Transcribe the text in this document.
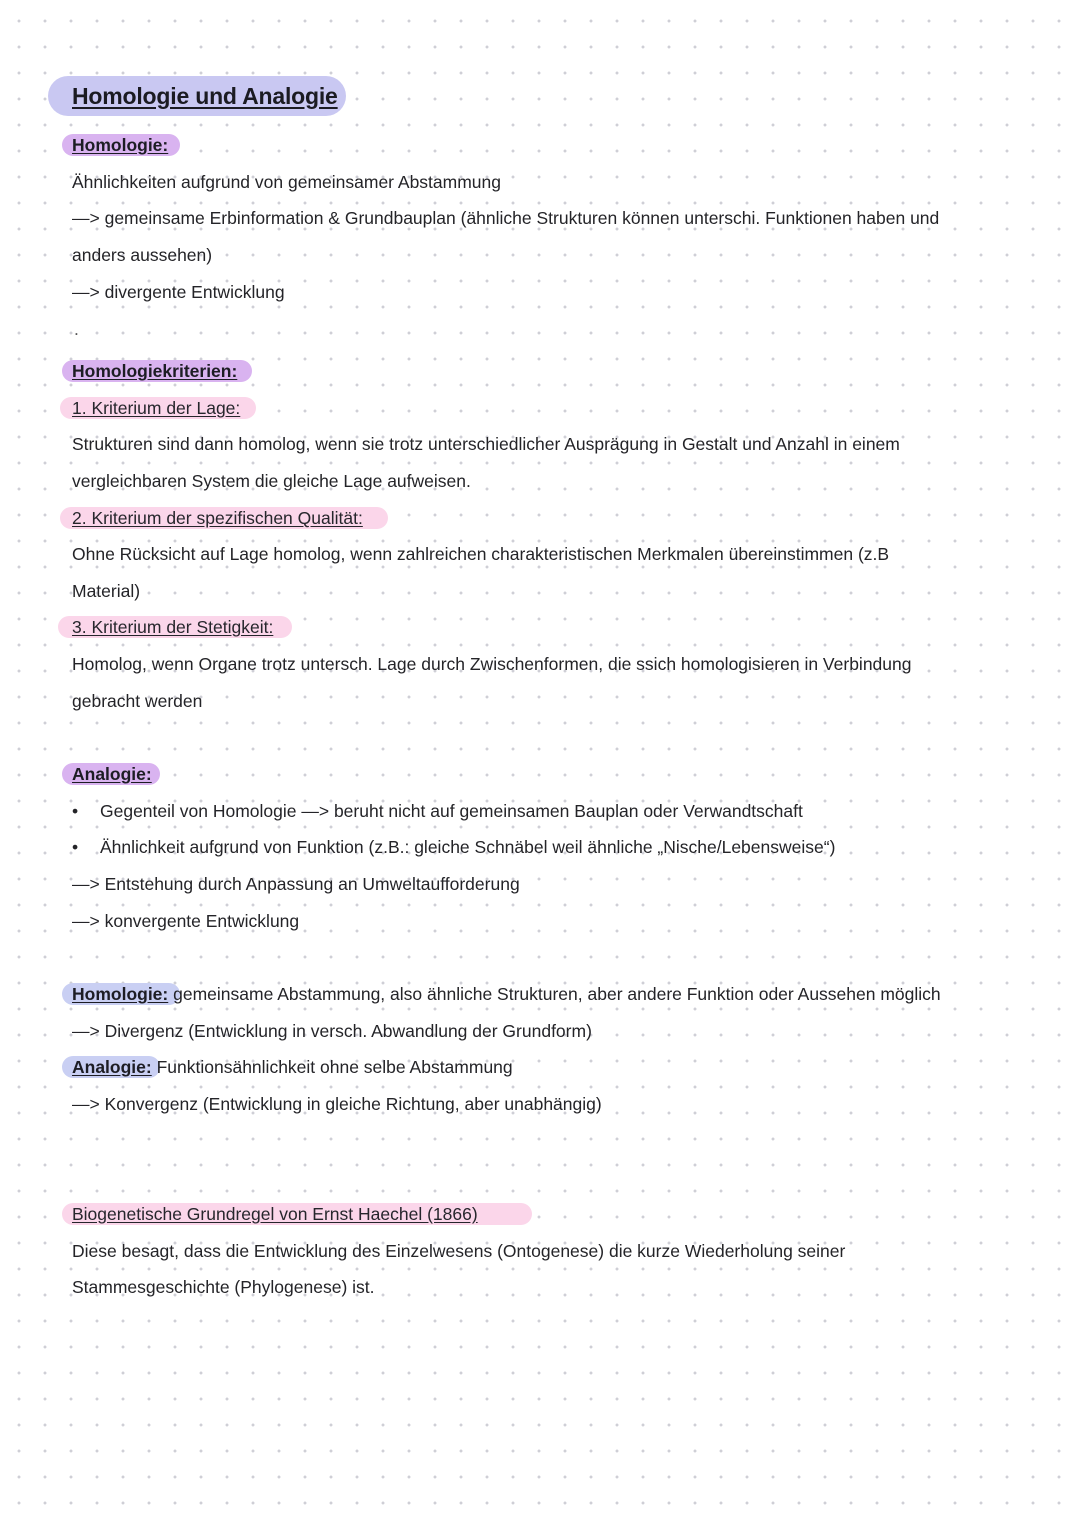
Homologie und Analogie
Homologie:
Ähnlichkeiten aufgrund von gemeinsamer Abstammung
—> gemeinsame Erbinformation & Grundbauplan (ähnliche Strukturen können unterschi. Funktionen haben und
anders aussehen)
—> divergente Entwicklung
.
Homologiekriterien:
1. Kriterium der Lage:
Strukturen sind dann homolog, wenn sie trotz unterschiedlicher Ausprägung in Gestalt und Anzahl in einem
vergleichbaren System die gleiche Lage aufweisen.
2. Kriterium der spezifischen Qualität:
Ohne Rücksicht auf Lage homolog, wenn zahlreichen charakteristischen Merkmalen übereinstimmen (z.B
Material)
3. Kriterium der Stetigkeit:
Homolog, wenn Organe trotz untersch. Lage durch Zwischenformen, die ssich homologisieren in Verbindung
gebracht werden
Analogie:
• Gegenteil von Homologie —> beruht nicht auf gemeinsamen Bauplan oder Verwandtschaft
• Ähnlichkeit aufgrund von Funktion (z.B.: gleiche Schnäbel weil ähnliche „Nische/Lebensweise“)
—> Entstehung durch Anpassung an Umweltaufforderung
—> konvergente Entwicklung
Homologie: gemeinsame Abstammung, also ähnliche Strukturen, aber andere Funktion oder Aussehen möglich
—> Divergenz (Entwicklung in versch. Abwandlung der Grundform)
Analogie: Funktionsähnlichkeit ohne selbe Abstammung
—> Konvergenz (Entwicklung in gleiche Richtung, aber unabhängig)
Biogenetische Grundregel von Ernst Haechel (1866)
Diese besagt, dass die Entwicklung des Einzelwesens (Ontogenese) die kurze Wiederholung seiner
Stammesgeschichte (Phylogenese) ist.
